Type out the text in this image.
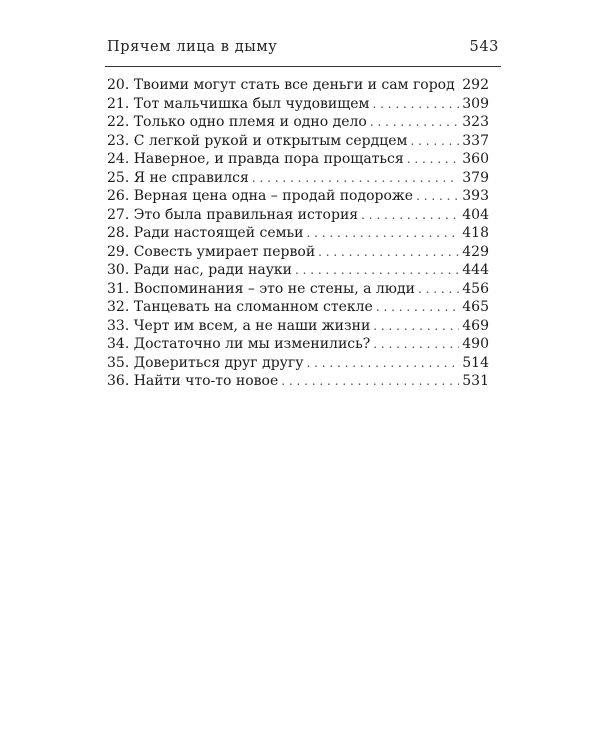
Прячем лица в дыму	543
20. Твоими могут стать все деньги и сам город . . . 292
21. Тот мальчишка был чудовищем . . .	309
22. Только одно племя и одно дело . . .	323
23. С легкой рукой и открытым сердцем . . .	337
24. Наверное, и правда пора прощаться . . .	360
25. Я не справился . . .	379
26. Верная цена одна – продай подороже . . .	393
27. Это была правильная история . . .	404
28. Ради настоящей семьи . . .	418
29. Совесть умирает первой . . .	429
30. Ради нас, ради науки . . .	444
31. Воспоминания – это не стены, а люди . . .	456
32. Танцевать на сломанном стекле . . .	465
33. Черт им всем, а не наши жизни . . .	469
34. Достаточно ли мы изменились? . . .	490
35. Довериться друг другу . . .	514
36. Найти что-то новое . . .	531
